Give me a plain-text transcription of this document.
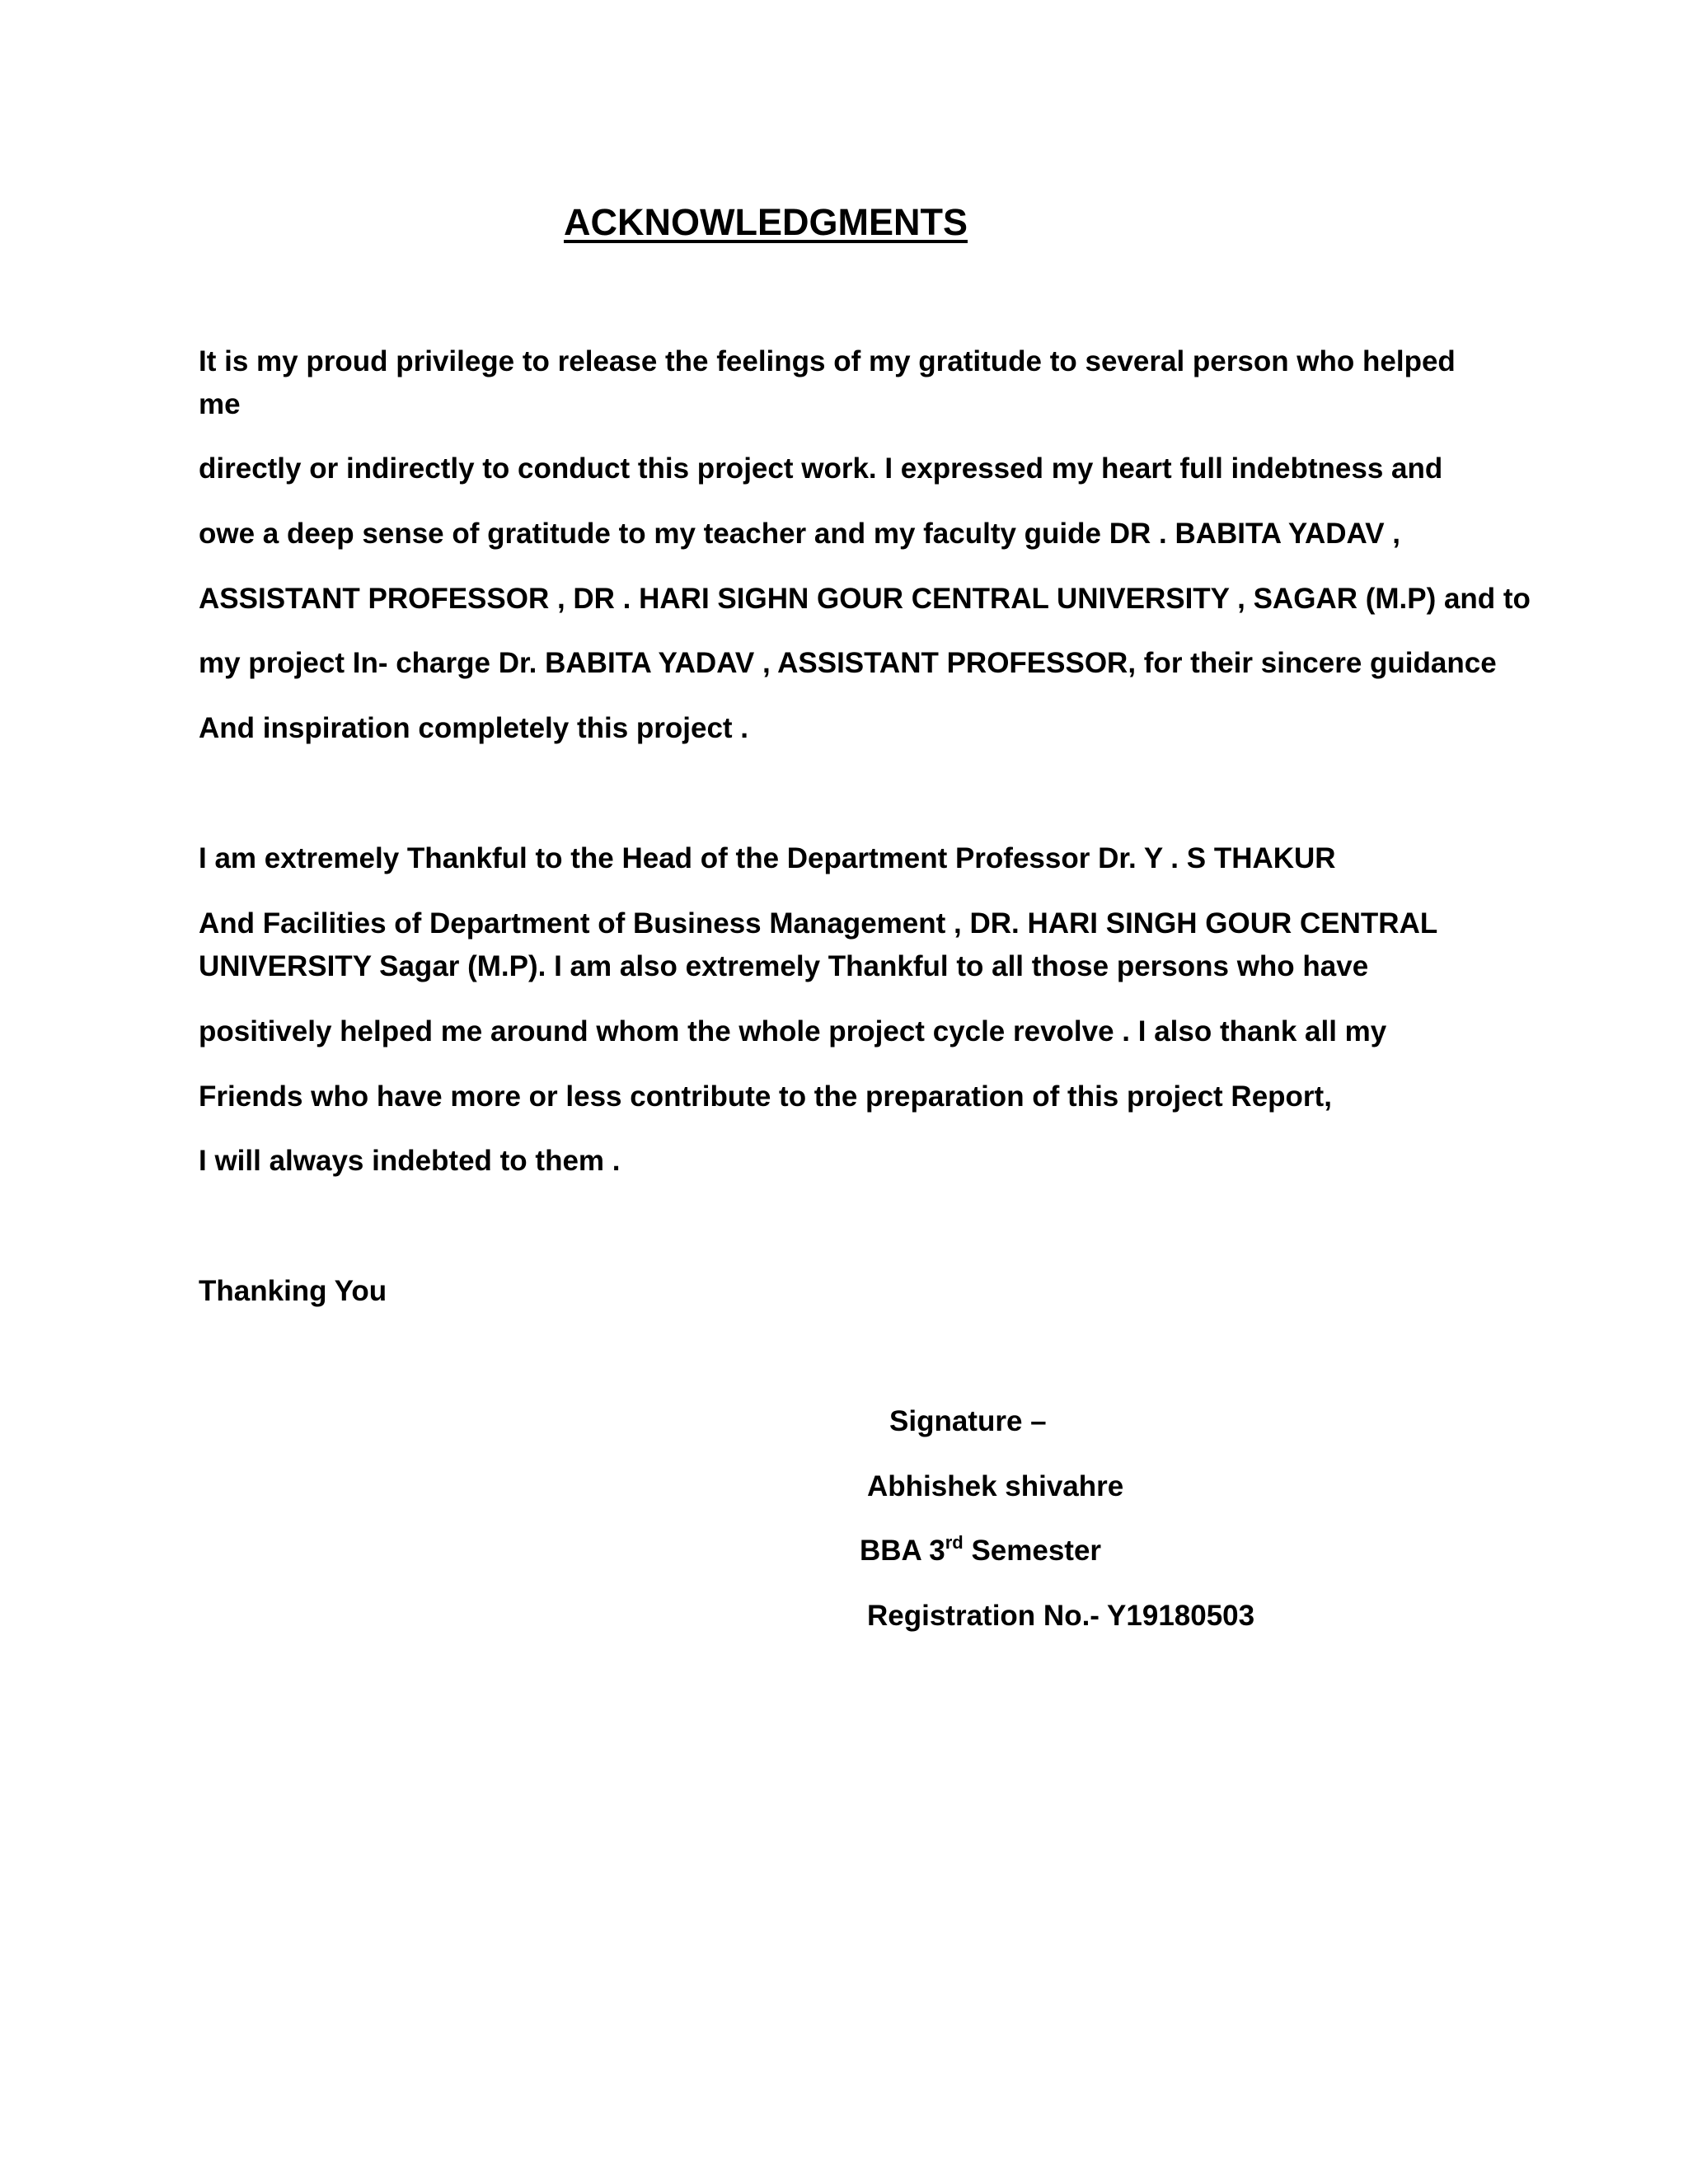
ACKNOWLEDGMENTS
It is my proud privilege to release the feelings of my gratitude to several person who helped
me
directly or indirectly to conduct this project work. I expressed my heart full indebtness and
owe a deep sense of gratitude to my teacher and my faculty guide DR . BABITA YADAV ,
ASSISTANT PROFESSOR , DR . HARI SIGHN GOUR CENTRAL UNIVERSITY , SAGAR (M.P) and to
my project In- charge Dr. BABITA YADAV , ASSISTANT PROFESSOR, for their sincere guidance
And inspiration completely this project .
I am extremely Thankful to the Head of the Department Professor Dr. Y . S THAKUR
And Facilities of Department of Business Management , DR. HARI SINGH GOUR CENTRAL
UNIVERSITY Sagar (M.P). I am also extremely Thankful to all those persons who have
positively helped me around whom the whole project cycle revolve . I also thank all my
Friends who have more or less contribute to the preparation of this project Report,
I will always indebted to them .
Thanking You
Signature –
Abhishek shivahre
BBA 3rd Semester
Registration No.- Y19180503
